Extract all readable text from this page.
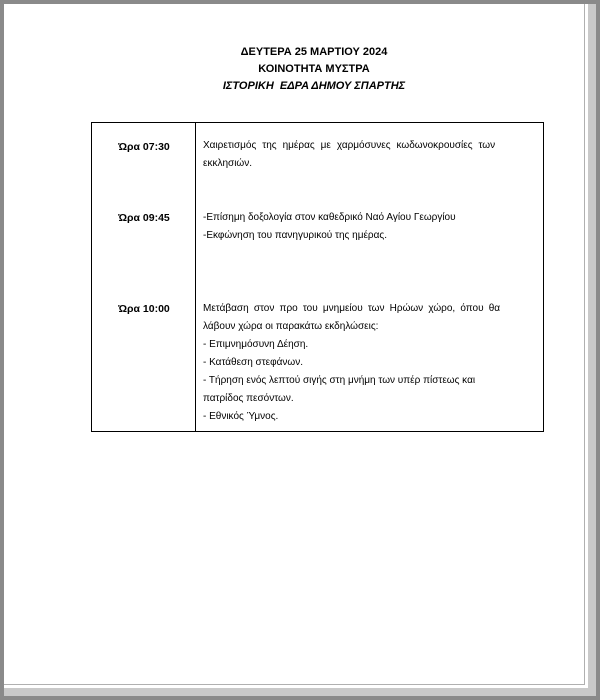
ΔΕΥΤΕΡΑ 25 ΜΑΡΤΙΟΥ 2024
ΚΟΙΝΟΤΗΤΑ ΜΥΣΤΡΑ
ΙΣΤΟΡΙΚΗ  ΕΔΡΑ ΔΗΜΟΥ ΣΠΑΡΤΗΣ
Ώρα 07:30	Χαιρετισμός της ημέρας με χαρμόσυνες κωδωνοκρουσίες των
εκκλησιών.
Ώρα 09:45	-Επίσημη δοξολογία στον καθεδρικό Ναό Αγίου Γεωργίου
-Εκφώνηση του πανηγυρικού της ημέρας.
Ώρα 10:00	Μετάβαση στον προ του μνημείου των Ηρώων χώρο, όπου θα
λάβουν χώρα οι παρακάτω εκδηλώσεις:
- Επιμνημόσυνη Δέηση.
- Κατάθεση στεφάνων.
- Τήρηση ενός λεπτού σιγής στη μνήμη των υπέρ πίστεως και
πατρίδος πεσόντων.
- Εθνικός Ύμνος.
